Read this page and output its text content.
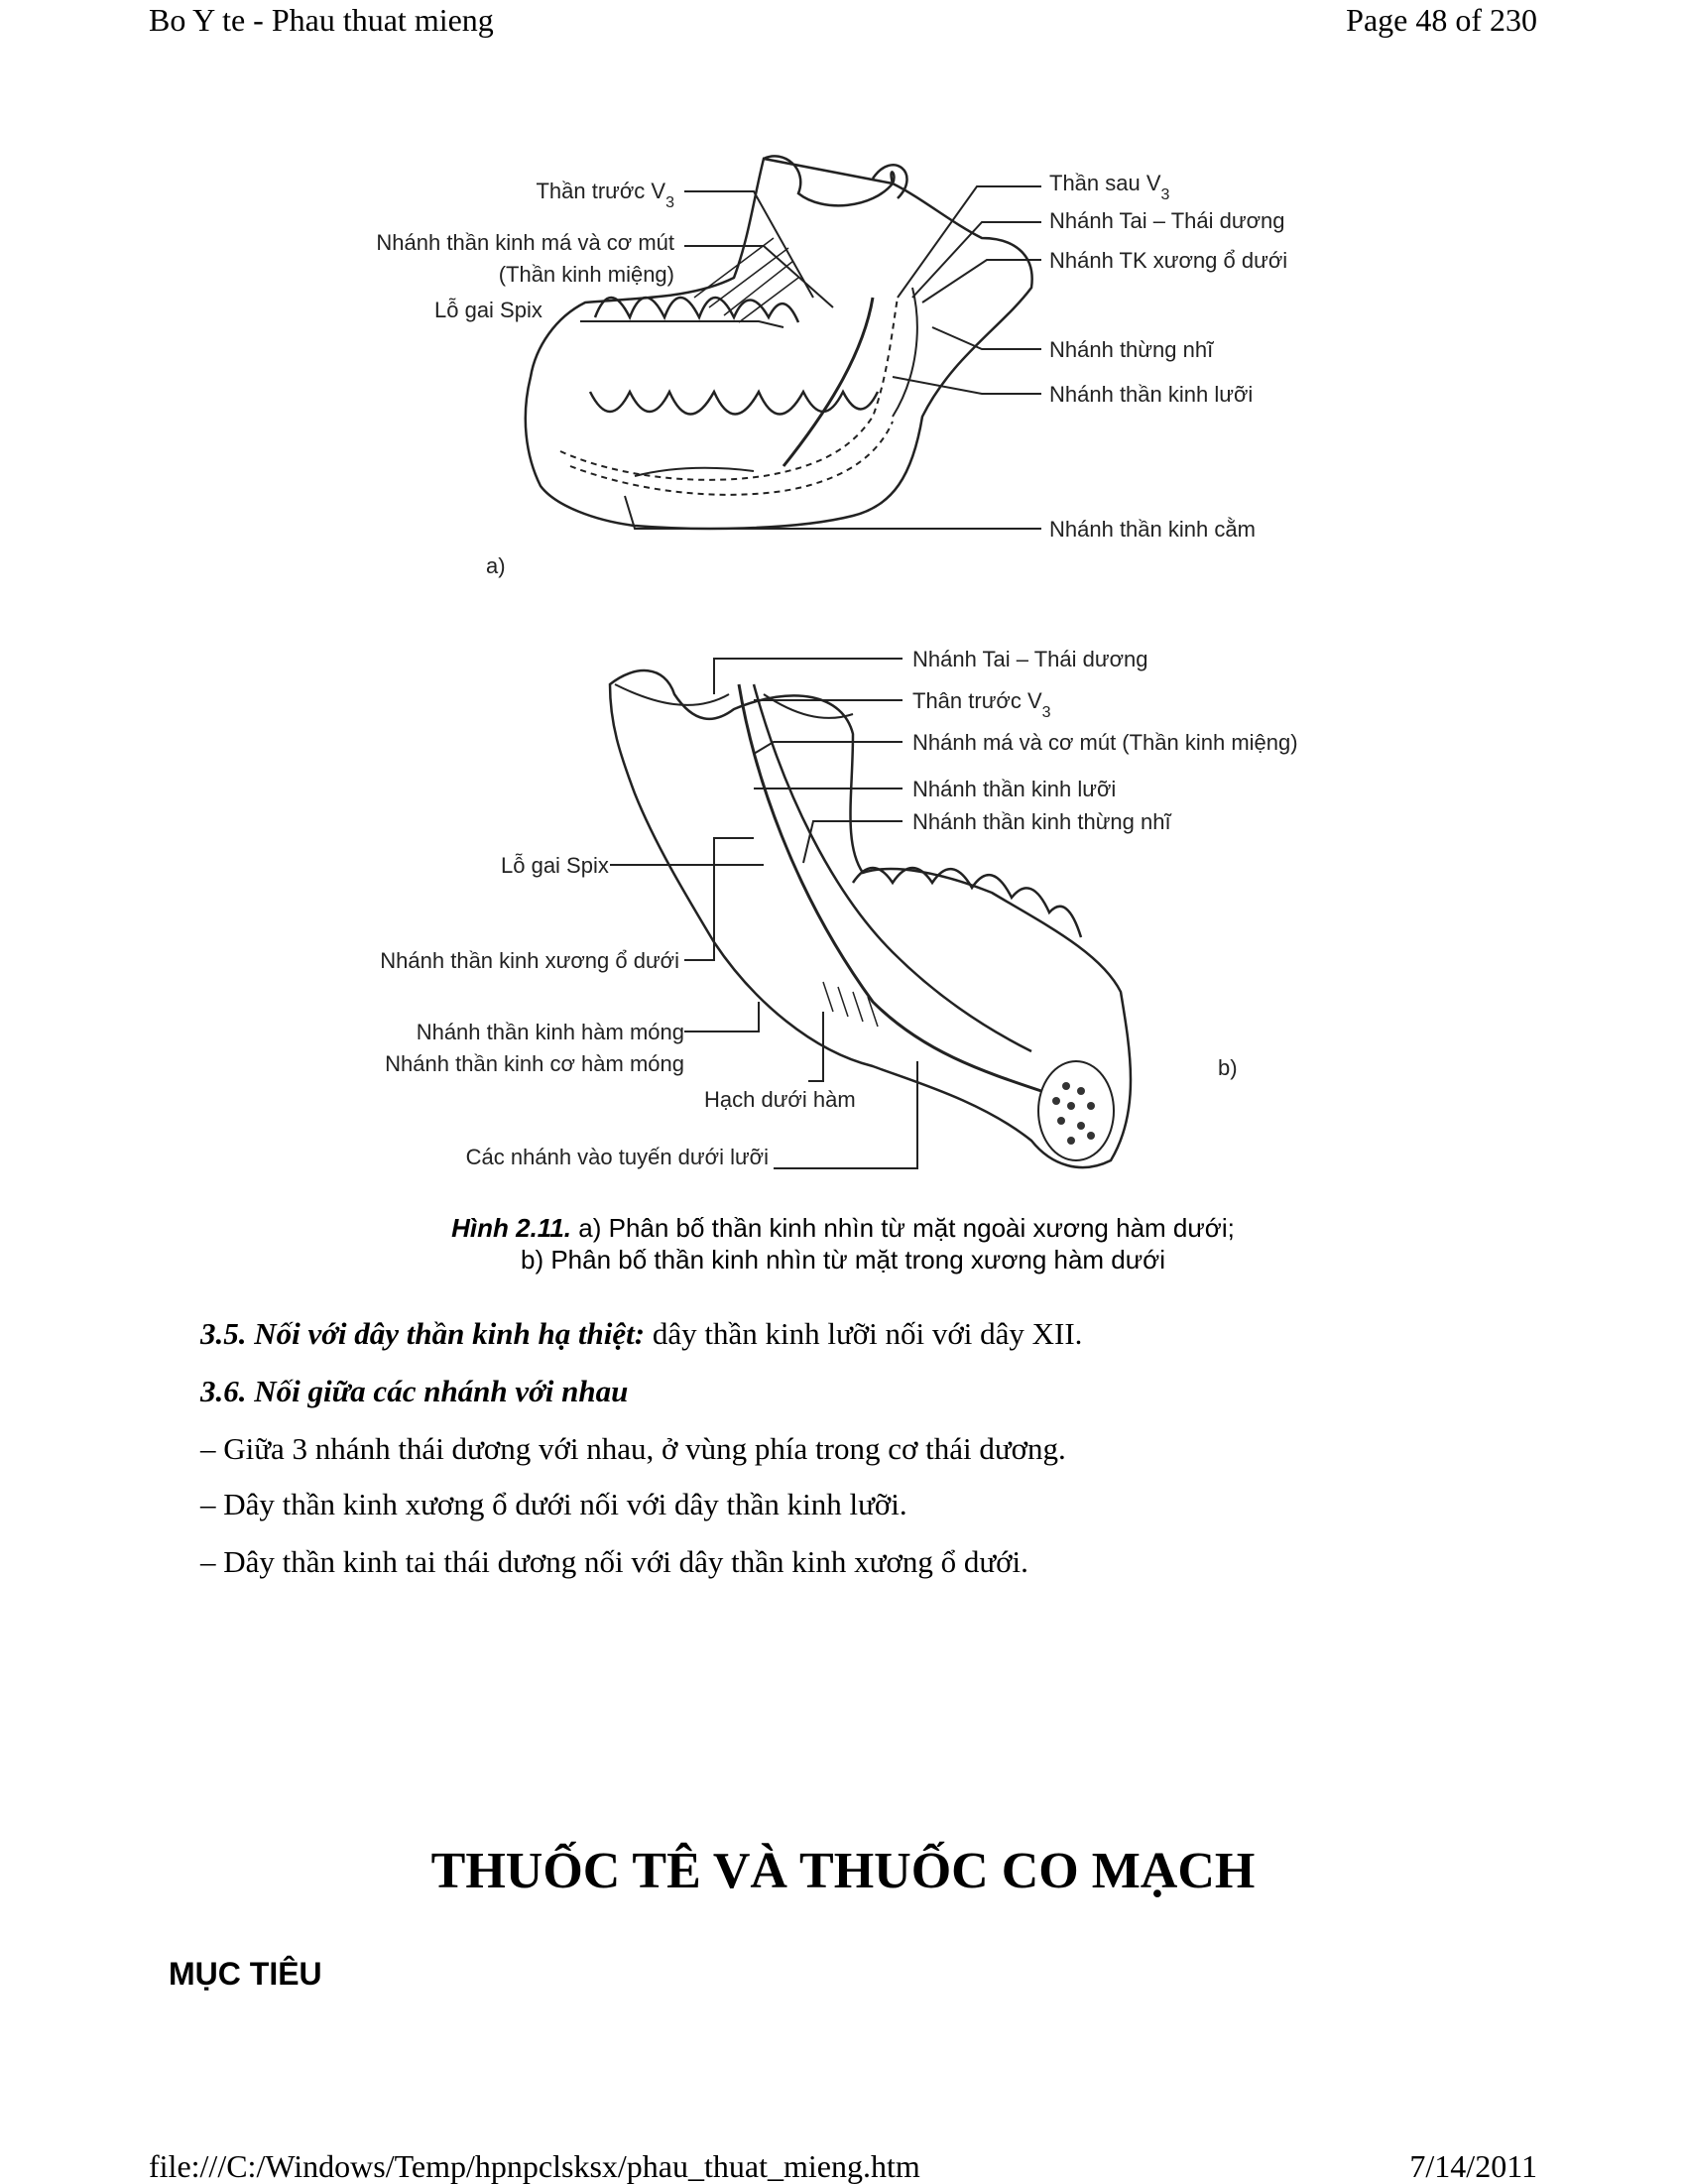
Bo Y te - Phau thuat mieng	Page 48 of 230
Thần trước $V_3$
Nhánh thần kinh má và cơ mút
(Thần kinh miệng)
Lỗ gai Spix
Thần sau $V_3$
Nhánh Tai – Thái dương
Nhánh TK xương ổ dưới
Nhánh thừng nhĩ
Nhánh thần kinh lưỡi
Nhánh thần kinh cằm
a)
Nhánh Tai – Thái dương
Thân trước $V_3$
Nhánh má và cơ mút (Thần kinh miệng)
Nhánh thần kinh lưỡi
Nhánh thần kinh thừng nhĩ
Lỗ gai Spix
Nhánh thần kinh xương ổ dưới
Nhánh thần kinh hàm móng
Nhánh thần kinh cơ hàm móng
Hạch dưới hàm
Các nhánh vào tuyến dưới lưỡi
b)
Hình 2.11. a) Phân bố thần kinh nhìn từ mặt ngoài xương hàm dưới;
b) Phân bố thần kinh nhìn từ mặt trong xương hàm dưới
3.5. Nối với dây thần kinh hạ thiệt: dây thần kinh lưỡi nối với dây XII.
3.6. Nối giữa các nhánh với nhau
– Giữa 3 nhánh thái dương với nhau, ở vùng phía trong cơ thái dương.
– Dây thần kinh xương ổ dưới nối với dây thần kinh lưỡi.
– Dây thần kinh tai thái dương nối với dây thần kinh xương ổ dưới.
THUỐC TÊ VÀ THUỐC CO MẠCH
MỤC TIÊU
file:///C:/Windows/Temp/hpnpclsksx/phau_thuat_mieng.htm	7/14/2011
